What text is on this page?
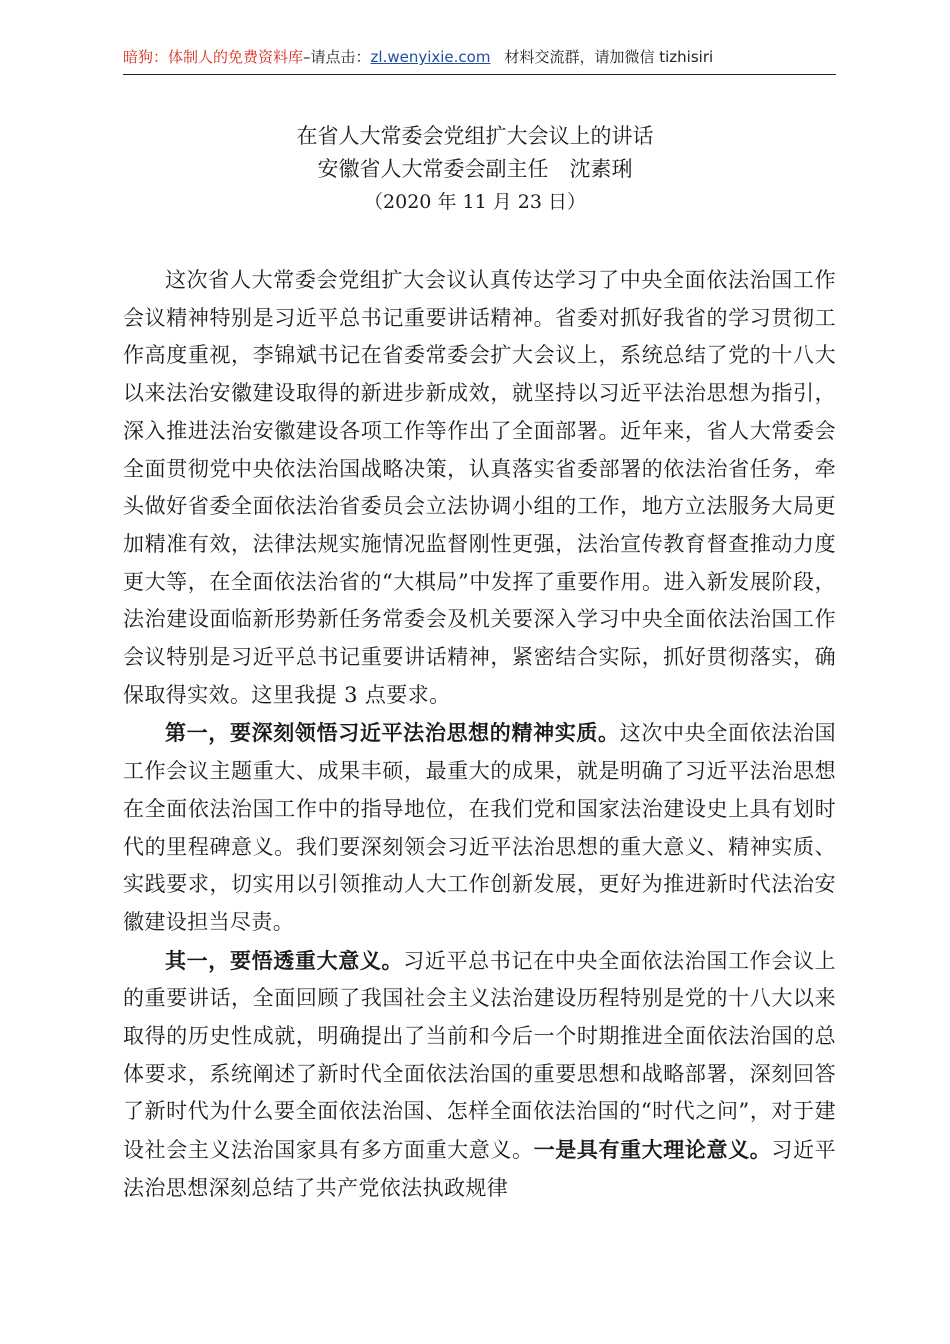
暗狗：体制人的免费资料库–请点击：zl.wenyixie.com 材料交流群，请加微信 tizhisiri
在省人大常委会党组扩大会议上的讲话
安徽省人大常委会副主任　沈素琍
（2020 年 11 月 23 日）

这次省人大常委会党组扩大会议认真传达学习了中央全面依法治国工作会议精神特别是习近平总书记重要讲话精神。省委对抓好我省的学习贯彻工作高度重视，李锦斌书记在省委常委会扩大会议上，系统总结了党的十八大以来法治安徽建设取得的新进步新成效，就坚持以习近平法治思想为指引，深入推进法治安徽建设各项工作等作出了全面部署。近年来，省人大常委会全面贯彻党中央依法治国战略决策，认真落实省委部署的依法治省任务，牵头做好省委全面依法治省委员会立法协调小组的工作，地方立法服务大局更加精准有效，法律法规实施情况监督刚性更强，法治宣传教育督查推动力度更大等，在全面依法治省的“大棋局”中发挥了重要作用。进入新发展阶段，法治建设面临新形势新任务常委会及机关要深入学习中央全面依法治国工作会议特别是习近平总书记重要讲话精神，紧密结合实际，抓好贯彻落实，确保取得实效。这里我提 3 点要求。

第一，要深刻领悟习近平法治思想的精神实质。这次中央全面依法治国工作会议主题重大、成果丰硕，最重大的成果，就是明确了习近平法治思想在全面依法治国工作中的指导地位，在我们党和国家法治建设史上具有划时代的里程碑意义。我们要深刻领会习近平法治思想的重大意义、精神实质、实践要求，切实用以引领推动人大工作创新发展，更好为推进新时代法治安徽建设担当尽责。

其一，要悟透重大意义。习近平总书记在中央全面依法治国工作会议上的重要讲话，全面回顾了我国社会主义法治建设历程特别是党的十八大以来取得的历史性成就，明确提出了当前和今后一个时期推进全面依法治国的总体要求，系统阐述了新时代全面依法治国的重要思想和战略部署，深刻回答了新时代为什么要全面依法治国、怎样全面依法治国的“时代之问”，对于建设社会主义法治国家具有多方面重大意义。一是具有重大理论意义。习近平法治思想深刻总结了共产党依法执政规律
